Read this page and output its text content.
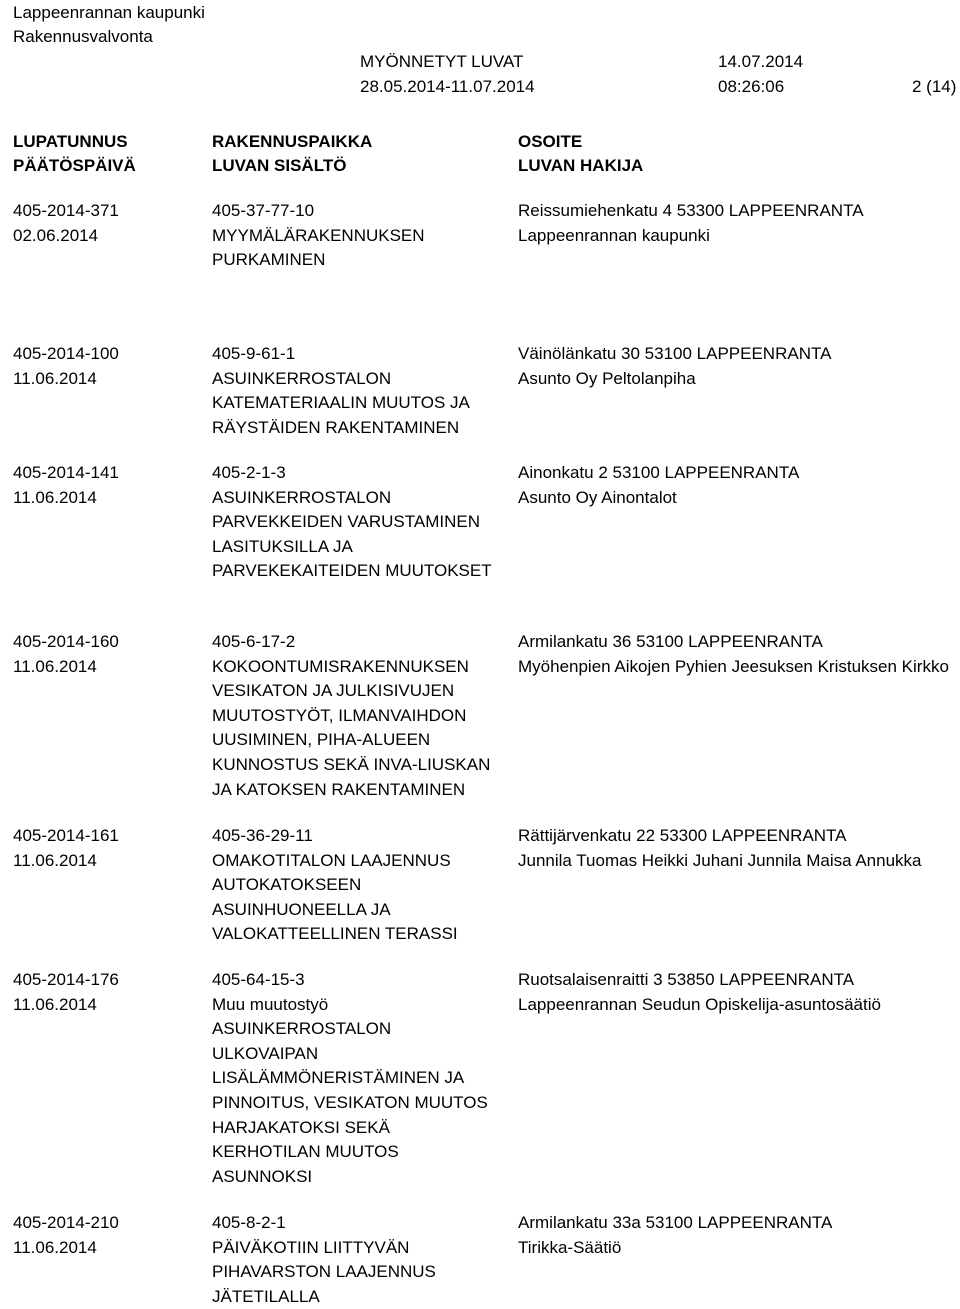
Lappeenrannan kaupunki
Rakennusvalvonta
MYÖNNETYT LUVAT
28.05.2014-11.07.2014
14.07.2014
08:26:06	2 (14)
LUPATUNNUS
PÄÄTÖSPÄIVÄ
RAKENNUSPAIKKA
LUVAN SISÄLTÖ
OSOITE
LUVAN HAKIJA
405-2014-371
02.06.2014
405-37-77-10
MYYMÄLÄRAKENNUKSEN
PURKAMINEN
Reissumiehenkatu 4 53300 LAPPEENRANTA
Lappeenrannan kaupunki
405-2014-100
11.06.2014
405-9-61-1
ASUINKERROSTALON
KATEMATERIAALIN MUUTOS JA
RÄYSTÄIDEN RAKENTAMINEN
Väinölänkatu 30 53100 LAPPEENRANTA
Asunto Oy Peltolanpiha
405-2014-141
11.06.2014
405-2-1-3
ASUINKERROSTALON
PARVEKKEIDEN VARUSTAMINEN
LASITUKSILLA JA
PARVEKEKAITEIDEN MUUTOKSET
Ainonkatu 2 53100 LAPPEENRANTA
Asunto Oy Ainontalot
405-2014-160
11.06.2014
405-6-17-2
KOKOONTUMISRAKENNUKSEN
VESIKATON JA JULKISIVUJEN
MUUTOSTYÖT, ILMANVAIHDON
UUSIMINEN, PIHA-ALUEEN
KUNNOSTUS SEKÄ INVA-LIUSKAN
JA KATOKSEN RAKENTAMINEN
Armilankatu 36 53100 LAPPEENRANTA
Myöhenpien Aikojen Pyhien Jeesuksen Kristuksen Kirkko
405-2014-161
11.06.2014
405-36-29-11
OMAKOTITALON LAAJENNUS
AUTOKATOKSEEN
ASUINHUONEELLA JA
VALOKATTEELLINEN TERASSI
Rättijärvenkatu 22 53300 LAPPEENRANTA
Junnila Tuomas Heikki Juhani Junnila Maisa Annukka
405-2014-176
11.06.2014
405-64-15-3
Muu muutostyö
ASUINKERROSTALON
ULKOVAIPAN
LISÄLÄMMÖNERISTÄMINEN JA
PINNOITUS, VESIKATON MUUTOS
HARJAKATOKSI SEKÄ
KERHOTILAN MUUTOS
ASUNNOKSI
Ruotsalaisenraitti 3 53850 LAPPEENRANTA
Lappeenrannan Seudun Opiskelija-asuntosäätiö
405-2014-210
11.06.2014
405-8-2-1
PÄIVÄKOTIIN LIITTYVÄN
PIHAVARSTON LAAJENNUS
JÄTETILALLA
Armilankatu 33a 53100 LAPPEENRANTA
Tirikka-Säätiö
